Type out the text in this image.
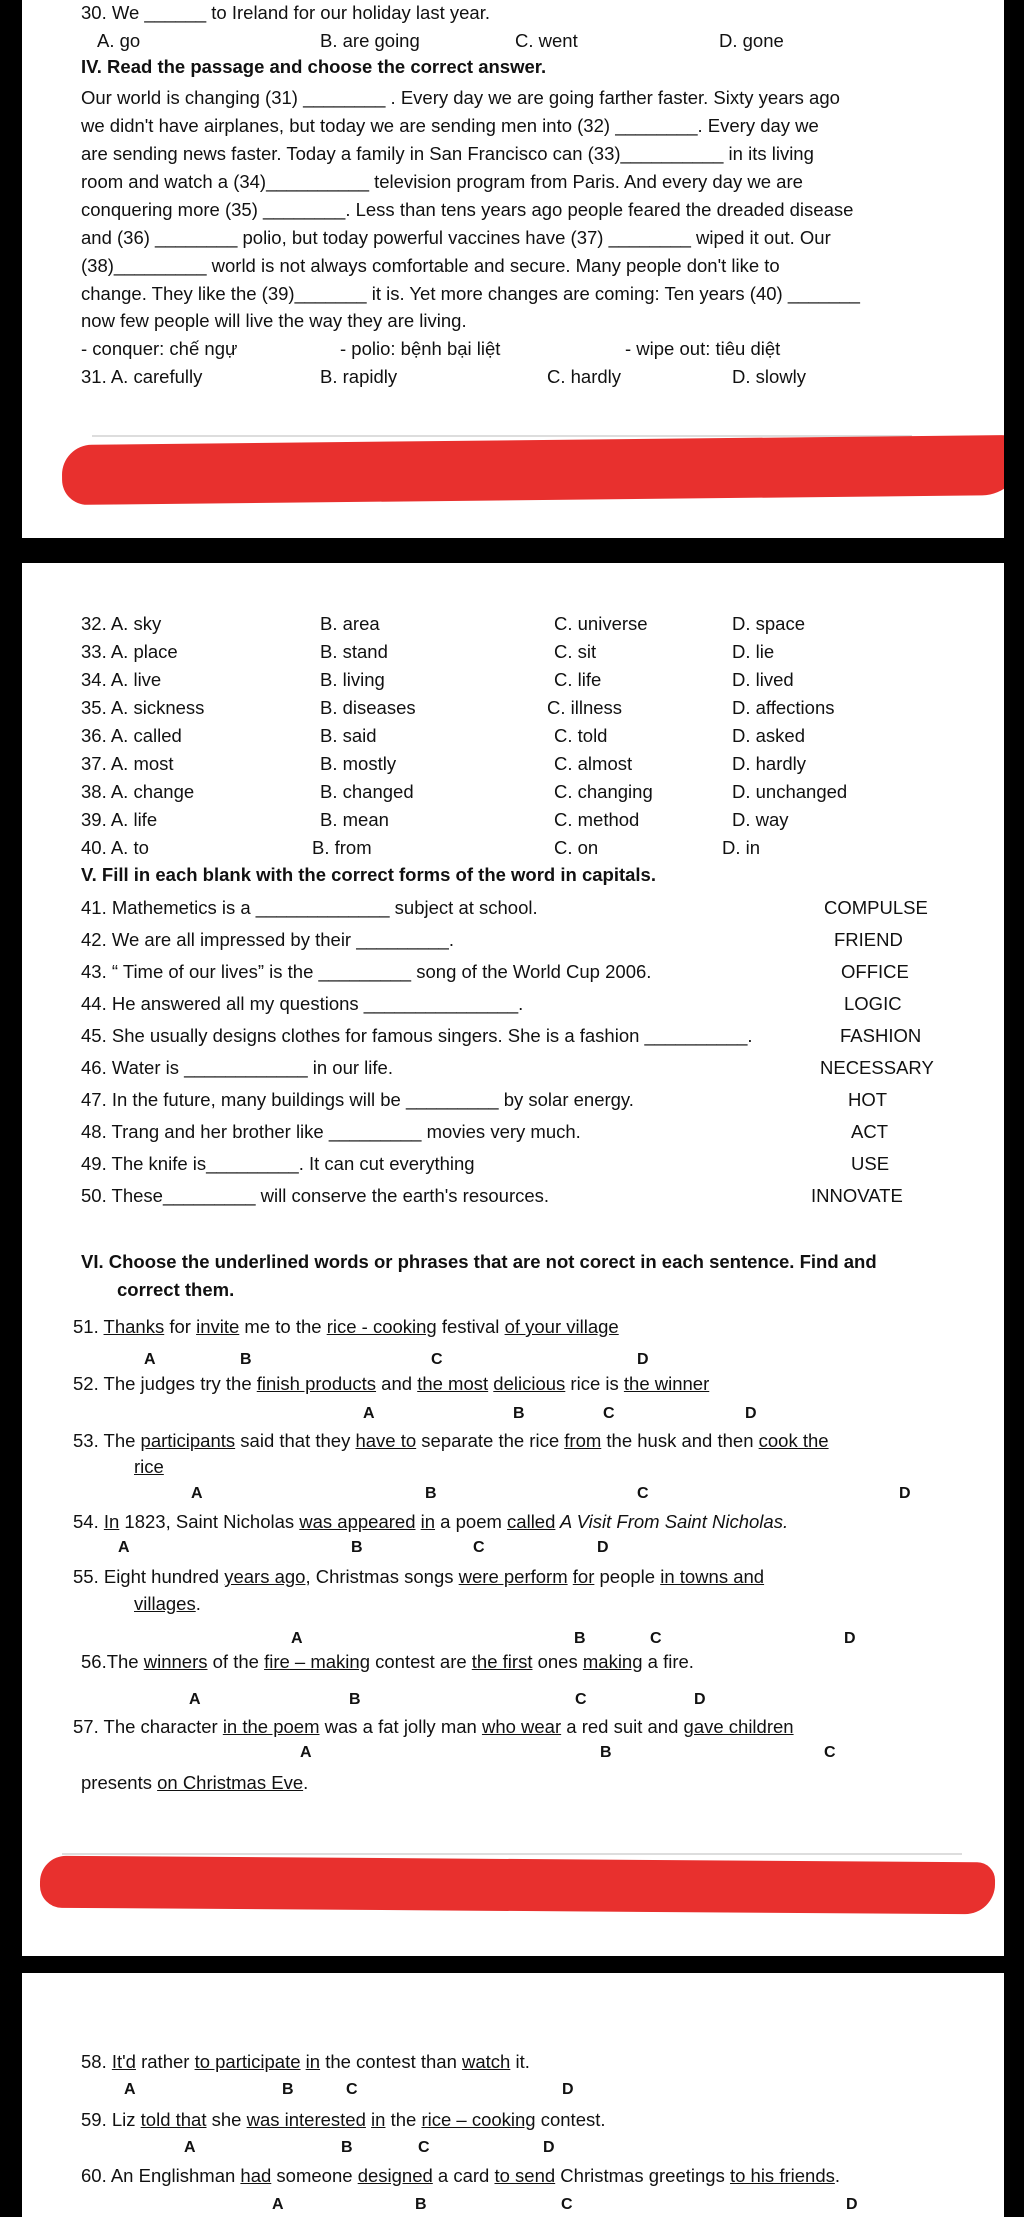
30. We ______ to Ireland for our holiday last year.
A. go	B. are going	C. went	D. gone
IV. Read the passage and choose the correct answer.
Our world is changing (31) ________ . Every day we are going farther faster. Sixty years ago
we didn't have airplanes, but today we are sending men into (32) ________. Every day we
are sending news faster. Today a family in San Francisco can (33)__________ in its living
room and watch a (34)__________ television program from Paris. And every day we are
conquering more (35) ________. Less than tens years ago people feared the dreaded disease
and (36) ________ polio, but today powerful vaccines have (37) ________ wiped it out. Our
(38)_________ world is not always comfortable and secure. Many people don't like to
change. They like the (39)_______ it is. Yet more changes are coming: Ten years (40) _______
now few people will live the way they are living.
- conquer: chế ngự	- polio: bệnh bại liệt	- wipe out: tiêu diệt
31. A. carefully	B. rapidly	C. hardly	D. slowly
32. A. sky	B. area	C. universe	D. space
33. A. place	B. stand	C. sit	D. lie
34. A. live	B. living	C. life	D. lived
35. A. sickness	B. diseases	C. illness	D. affections
36. A. called	B. said	C. told	D. asked
37. A. most	B. mostly	C. almost	D. hardly
38. A. change	B. changed	C. changing	D. unchanged
39. A. life	B. mean	C. method	D. way
40. A. to	B. from	C. on	D. in
V. Fill in each blank with the correct forms of the word in capitals.
41. Mathemetics is a _____________ subject at school.	COMPULSE
42. We are all impressed by their _________.	FRIEND
43. “ Time of our lives” is the _________ song of the World Cup 2006.	OFFICE
44. He answered all my questions _______________.	LOGIC
45. She usually designs clothes for famous singers. She is a fashion __________.	FASHION
46. Water is ____________ in our life.	NECESSARY
47. In the future, many buildings will be _________ by solar energy.	HOT
48. Trang and her brother like _________ movies very much.	ACT
49. The knife is_________. It can cut everything	USE
50. These_________ will conserve the earth's resources.	INNOVATE
VI. Choose the underlined words or phrases that are not corect in each sentence. Find and
correct them.
51. Thanks for invite me to the rice - cooking festival of your village
A	B	C	D
52. The judges try the finish products and the most delicious rice is the winner
A	B	C	D
53. The participants said that they have to separate the rice from the husk and then cook the
rice
A	B	C	D
54. In 1823, Saint Nicholas was appeared in a poem called A Visit From Saint Nicholas.
A	B	C	D
55. Eight hundred years ago, Christmas songs were perform for people in towns and
villages.
A	B	C	D
56.The winners of the fire – making contest are the first ones making a fire.
A	B	C	D
57. The character in the poem was a fat jolly man who wear a red suit and gave children
A	B	C
presents on Christmas Eve.
58. It'd rather to participate in the contest than watch it.
A	B	C	D
59. Liz told that she was interested in the rice – cooking contest.
A	B	C	D
60. An Englishman had someone designed a card to send Christmas greetings to his friends.
A	B	C	D
